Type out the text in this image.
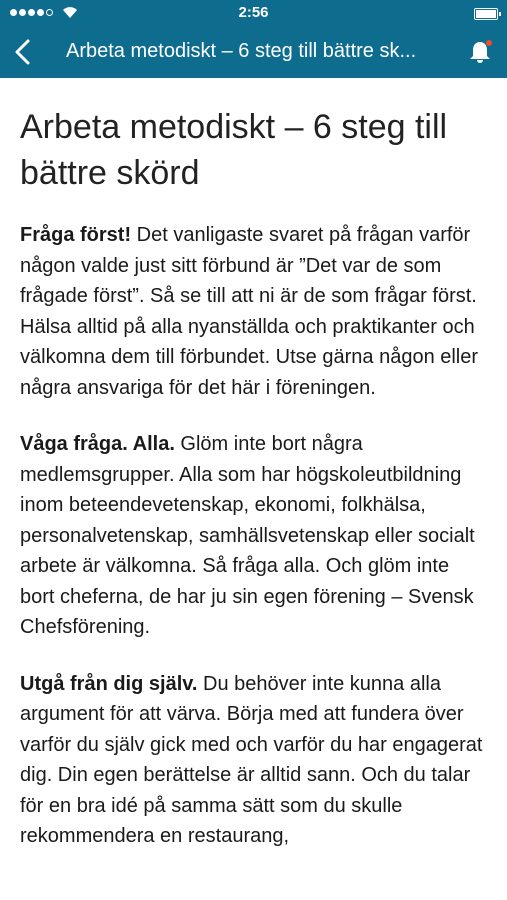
2:56
Arbeta metodiskt – 6 steg till bättre sk...
Arbeta metodiskt – 6 steg till bättre skörd

Fråga först! Det vanligaste svaret på frågan varför någon valde just sitt förbund är ”Det var de som frågade först”. Så se till att ni är de som frågar först. Hälsa alltid på alla nyanställda och praktikanter och välkomna dem till förbundet. Utse gärna någon eller några ansvariga för det här i föreningen.

Våga fråga. Alla. Glöm inte bort några medlemsgrupper. Alla som har högskoleutbildning inom beteendevetenskap, ekonomi, folkhälsa, personalvetenskap, samhällsvetenskap eller socialt arbete är välkomna. Så fråga alla. Och glöm inte bort cheferna, de har ju sin egen förening – Svensk Chefsförening.

Utgå från dig själv. Du behöver inte kunna alla argument för att värva. Börja med att fundera över varför du själv gick med och varför du har engagerat dig. Din egen berättelse är alltid sann. Och du talar för en bra idé på samma sätt som du skulle rekommendera en restaurang,
